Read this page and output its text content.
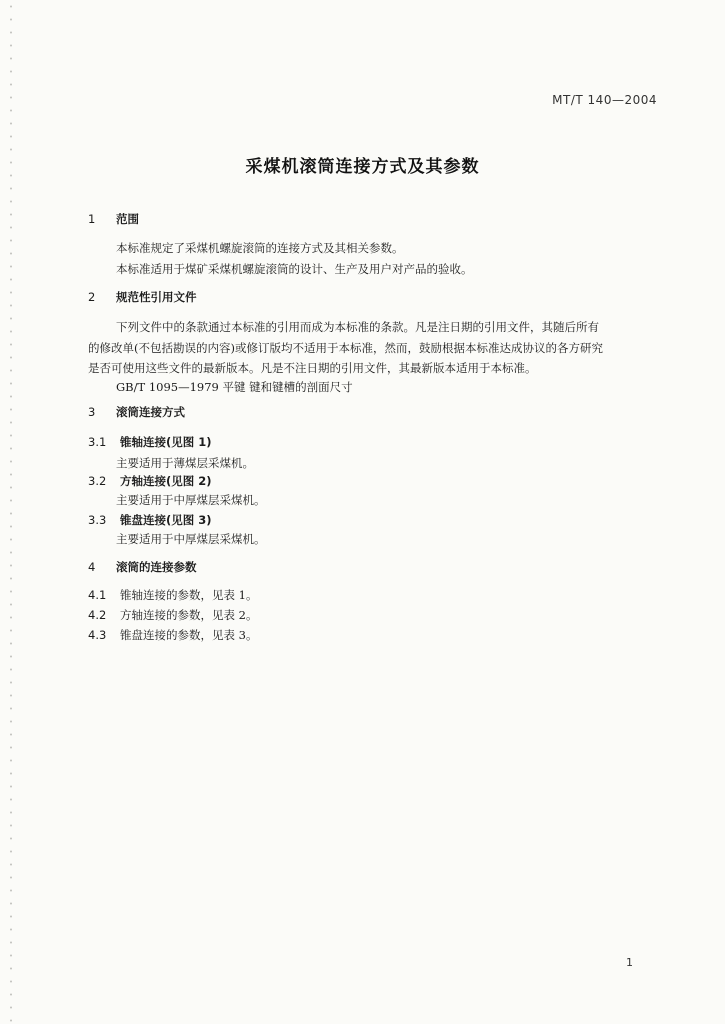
MT/T 140—2004
采煤机滚筒连接方式及其参数
1 范围
本标准规定了采煤机螺旋滚筒的连接方式及其相关参数。
本标准适用于煤矿采煤机螺旋滚筒的设计、生产及用户对产品的验收。
2 规范性引用文件
下列文件中的条款通过本标准的引用而成为本标准的条款。凡是注日期的引用文件，其随后所有
的修改单(不包括勘误的内容)或修订版均不适用于本标准，然而，鼓励根据本标准达成协议的各方研究
是否可使用这些文件的最新版本。凡是不注日期的引用文件，其最新版本适用于本标准。
GB/T 1095—1979 平键 键和键槽的剖面尺寸
3 滚筒连接方式
3.1 锥轴连接(见图 1)
主要适用于薄煤层采煤机。
3.2 方轴连接(见图 2)
主要适用于中厚煤层采煤机。
3.3 锥盘连接(见图 3)
主要适用于中厚煤层采煤机。
4 滚筒的连接参数
4.1 锥轴连接的参数，见表 1。
4.2 方轴连接的参数，见表 2。
4.3 锥盘连接的参数，见表 3。
1
